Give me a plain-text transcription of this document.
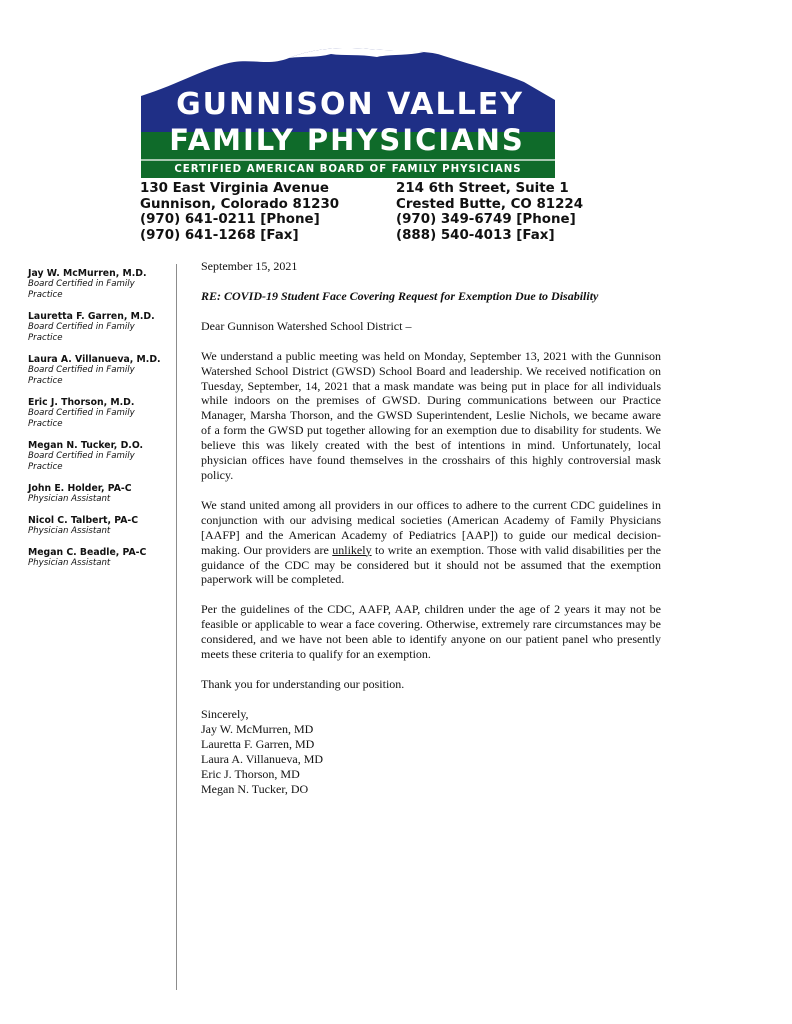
GUNNISON VALLEY
FAMILY PHYSICIANS
CERTIFIED AMERICAN BOARD OF FAMILY PHYSICIANS
130 East Virginia Avenue
Gunnison, Colorado 81230
(970) 641-0211 [Phone]
(970) 641-1268 [Fax]
214 6th Street, Suite 1
Crested Butte, CO 81224
(970) 349-6749 [Phone]
(888) 540-4013 [Fax]
Jay W. McMurren, M.D.
Board Certified in Family Practice
Lauretta F. Garren, M.D.
Board Certified in Family Practice
Laura A. Villanueva, M.D.
Board Certified in Family Practice
Eric J. Thorson, M.D.
Board Certified in Family Practice
Megan N. Tucker, D.O.
Board Certified in Family Practice
John E. Holder, PA-C
Physician Assistant
Nicol C. Talbert, PA-C
Physician Assistant
Megan C. Beadle, PA-C
Physician Assistant

September 15, 2021

RE: COVID-19 Student Face Covering Request for Exemption Due to Disability

Dear Gunnison Watershed School District –

We understand a public meeting was held on Monday, September 13, 2021 with the Gunnison Watershed School District (GWSD) School Board and leadership. We received notification on Tuesday, September, 14, 2021 that a mask mandate was being put in place for all individuals while indoors on the premises of GWSD. During communications between our Practice Manager, Marsha Thorson, and the GWSD Superintendent, Leslie Nichols, we became aware of a form the GWSD put together allowing for an exemption due to disability for students. We believe this was likely created with the best of intentions in mind. Unfortunately, local physician offices have found themselves in the crosshairs of this highly controversial mask policy.

We stand united among all providers in our offices to adhere to the current CDC guidelines in conjunction with our advising medical societies (American Academy of Family Physicians [AAFP] and the American Academy of Pediatrics [AAP]) to guide our medical decision-making. Our providers are unlikely to write an exemption. Those with valid disabilities per the guidance of the CDC may be considered but it should not be assumed that the exemption paperwork will be completed.

Per the guidelines of the CDC, AAFP, AAP, children under the age of 2 years it may not be feasible or applicable to wear a face covering. Otherwise, extremely rare circumstances may be considered, and we have not been able to identify anyone on our patient panel who presently meets these criteria to qualify for an exemption.

Thank you for understanding our position.

Sincerely,
Jay W. McMurren, MD
Lauretta F. Garren, MD
Laura A. Villanueva, MD
Eric J. Thorson, MD
Megan N. Tucker, DO
